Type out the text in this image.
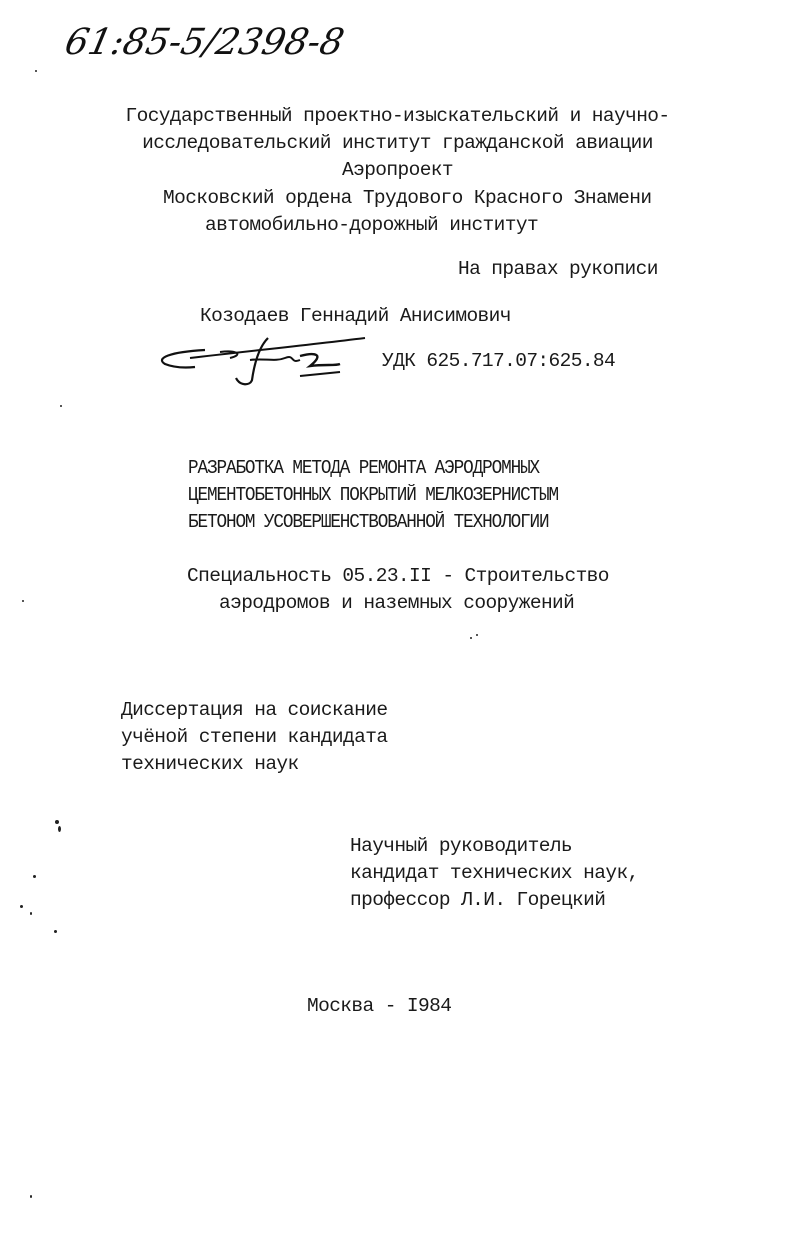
61:85-5/2398-8
Государственный проектно-изыскательский и научно-
исследовательский институт гражданской авиации
Аэропроект
Московский ордена Трудового Красного Знамени
автомобильно-дорожный институт
На правах рукописи
Козодаев Геннадий Анисимович
УДК 625.717.07:625.84
РАЗРАБОТКА МЕТОДА РЕМОНТА АЭРОДРОМНЫХ
ЦЕМЕНТОБЕТОННЫХ ПОКРЫТИЙ МЕЛКОЗЕРНИСТЫМ
БЕТОНОМ УСОВЕРШЕНСТВОВАННОЙ ТЕХНОЛОГИИ
Специальность 05.23.II - Строительство
аэродромов и наземных сооружений
Диссертация на соискание
учёной степени кандидата
технических наук
Научный руководитель
кандидат технических наук,
профессор Л.И. Горецкий
Москва - I984
